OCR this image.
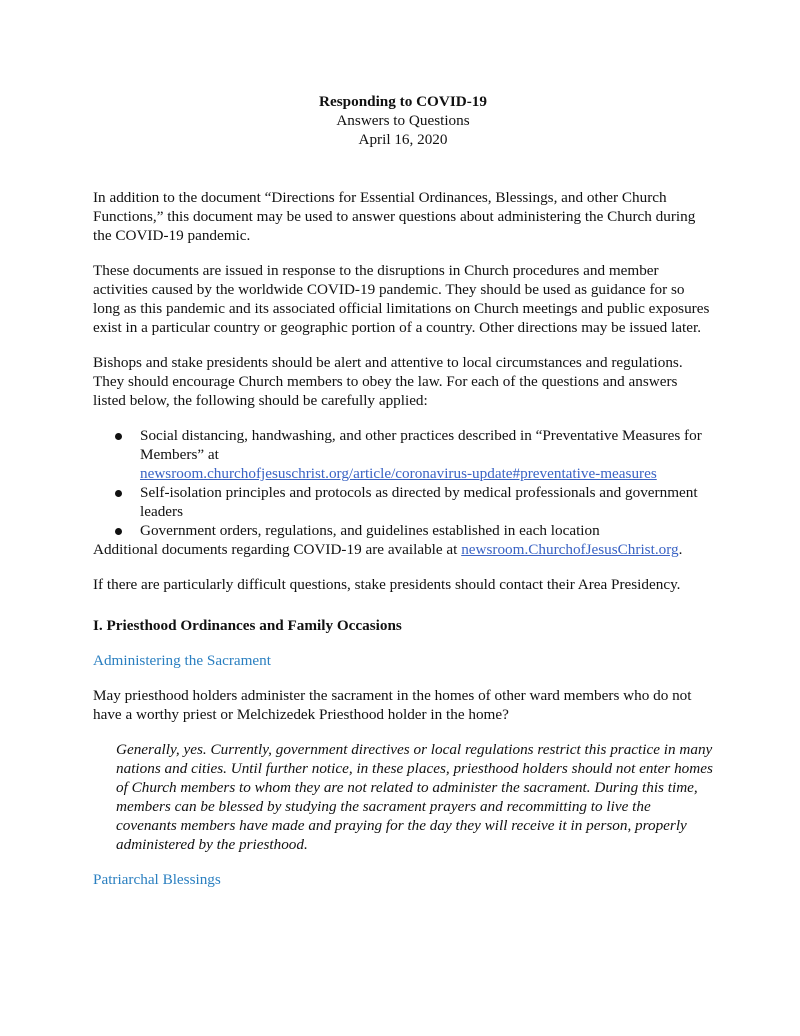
Responding to COVID-19
Answers to Questions
April 16, 2020

In addition to the document “Directions for Essential Ordinances, Blessings, and other Church Functions,” this document may be used to answer questions about administering the Church during the COVID-19 pandemic.

These documents are issued in response to the disruptions in Church procedures and member activities caused by the worldwide COVID-19 pandemic. They should be used as guidance for so long as this pandemic and its associated official limitations on Church meetings and public exposures exist in a particular country or geographic portion of a country. Other directions may be issued later.

Bishops and stake presidents should be alert and attentive to local circumstances and regulations. They should encourage Church members to obey the law. For each of the questions and answers listed below, the following should be carefully applied:

Social distancing, handwashing, and other practices described in “Preventative Measures for Members” at
newsroom.churchofjesuschrist.org/article/coronavirus-update#preventative-measures
Self-isolation principles and protocols as directed by medical professionals and government leaders
Government orders, regulations, and guidelines established in each location

Additional documents regarding COVID-19 are available at newsroom.ChurchofJesusChrist.org.

If there are particularly difficult questions, stake presidents should contact their Area Presidency.

I. Priesthood Ordinances and Family Occasions
Administering the Sacrament

May priesthood holders administer the sacrament in the homes of other ward members who do not have a worthy priest or Melchizedek Priesthood holder in the home?

Generally, yes. Currently, government directives or local regulations restrict this practice in many nations and cities. Until further notice, in these places, priesthood holders should not enter homes of Church members to whom they are not related to administer the sacrament. During this time, members can be blessed by studying the sacrament prayers and recommitting to live the covenants members have made and praying for the day they will receive it in person, properly administered by the priesthood.

Patriarchal Blessings
